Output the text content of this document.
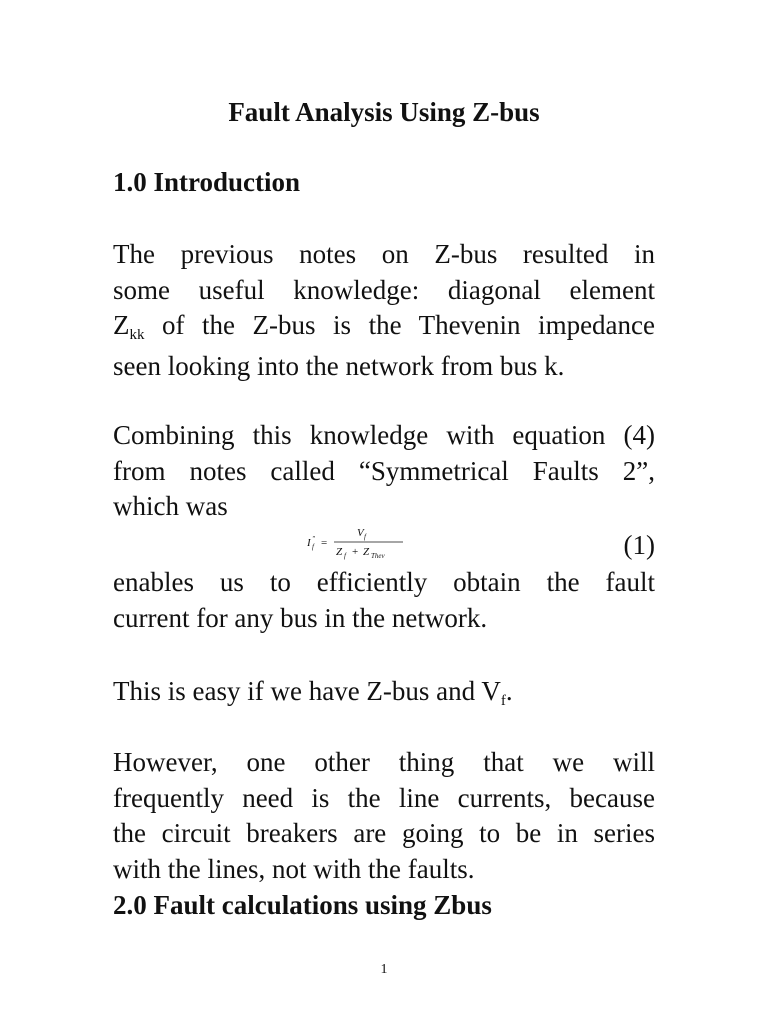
Fault Analysis Using Z-bus
1.0 Introduction
The previous notes on Z-bus resulted in
some useful knowledge: diagonal element
Zkk of the Z-bus is the Thevenin impedance
seen looking into the network from bus k.
Combining this knowledge with equation (4)
from notes called “Symmetrical Faults 2”,
which was
I "
f =
V f
Z f + Z Thev	(1)
enables us to efficiently obtain the fault
current for any bus in the network.
This is easy if we have Z-bus and Vf.
However, one other thing that we will
frequently need is the line currents, because
the circuit breakers are going to be in series
with the lines, not with the faults.
2.0 Fault calculations using Zbus
1
